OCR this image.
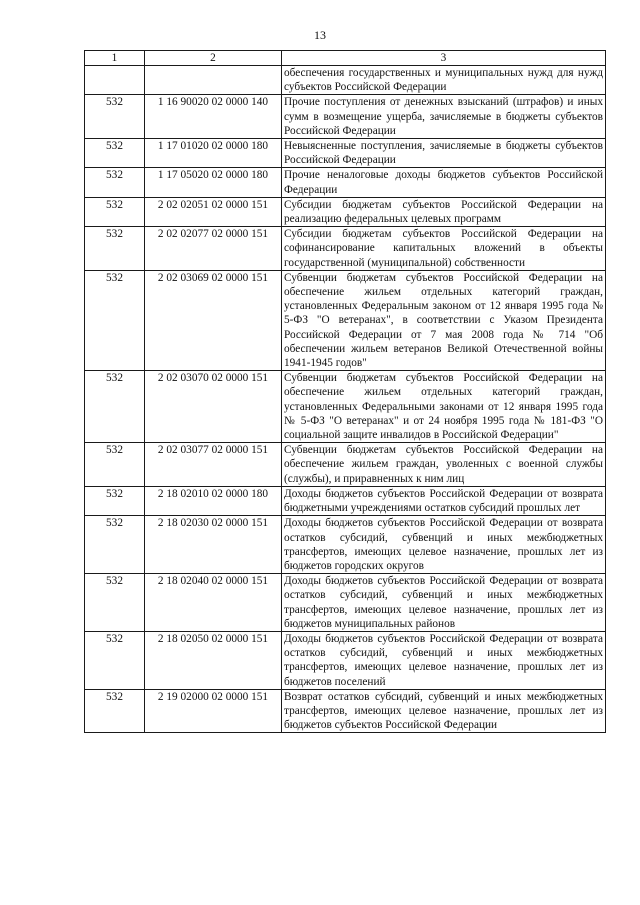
13
1	2	3
		обеспечения государственных и муниципальных нужд для нужд субъектов Российской Федерации
532	1 16 90020 02 0000 140	Прочие поступления от денежных взысканий (штрафов) и иных сумм в возмещение ущерба, зачисляемые в бюджеты субъектов Российской Федерации
532	1 17 01020 02 0000 180	Невыясненные поступления, зачисляемые в бюджеты субъектов Российской Федерации
532	1 17 05020 02 0000 180	Прочие неналоговые доходы бюджетов субъектов Российской Федерации
532	2 02 02051 02 0000 151	Субсидии бюджетам субъектов Российской Федерации на реализацию федеральных целевых программ
532	2 02 02077 02 0000 151	Субсидии бюджетам субъектов Российской Федерации на софинансирование капитальных вложений в объекты государственной (муниципальной) собственности
532	2 02 03069 02 0000 151	Субвенции бюджетам субъектов Российской Федерации на обеспечение жильем отдельных категорий граждан, установленных Федеральным законом от 12 января 1995 года № 5-ФЗ "О ветеранах", в соответствии с Указом Президента Российской Федерации от 7 мая 2008 года № 714 "Об обеспечении жильем ветеранов Великой Отечественной войны 1941-1945 годов"
532	2 02 03070 02 0000 151	Субвенции бюджетам субъектов Российской Федерации на обеспечение жильем отдельных категорий граждан, установленных Федеральными законами от 12 января 1995 года № 5-ФЗ "О ветеранах" и от 24 ноября 1995 года № 181-ФЗ "О социальной защите инвалидов в Российской Федерации"
532	2 02 03077 02 0000 151	Субвенции бюджетам субъектов Российской Федерации на обеспечение жильем граждан, уволенных с военной службы (службы), и приравненных к ним лиц
532	2 18 02010 02 0000 180	Доходы бюджетов субъектов Российской Федерации от возврата бюджетными учреждениями остатков субсидий прошлых лет
532	2 18 02030 02 0000 151	Доходы бюджетов субъектов Российской Федерации от возврата остатков субсидий, субвенций и иных межбюджетных трансфертов, имеющих целевое назначение, прошлых лет из бюджетов городских округов
532	2 18 02040 02 0000 151	Доходы бюджетов субъектов Российской Федерации от возврата остатков субсидий, субвенций и иных межбюджетных трансфертов, имеющих целевое назначение, прошлых лет из бюджетов муниципальных районов
532	2 18 02050 02 0000 151	Доходы бюджетов субъектов Российской Федерации от возврата остатков субсидий, субвенций и иных межбюджетных трансфертов, имеющих целевое назначение, прошлых лет из бюджетов поселений
532	2 19 02000 02 0000 151	Возврат остатков субсидий, субвенций и иных межбюджетных трансфертов, имеющих целевое назначение, прошлых лет из бюджетов субъектов Российской Федерации
